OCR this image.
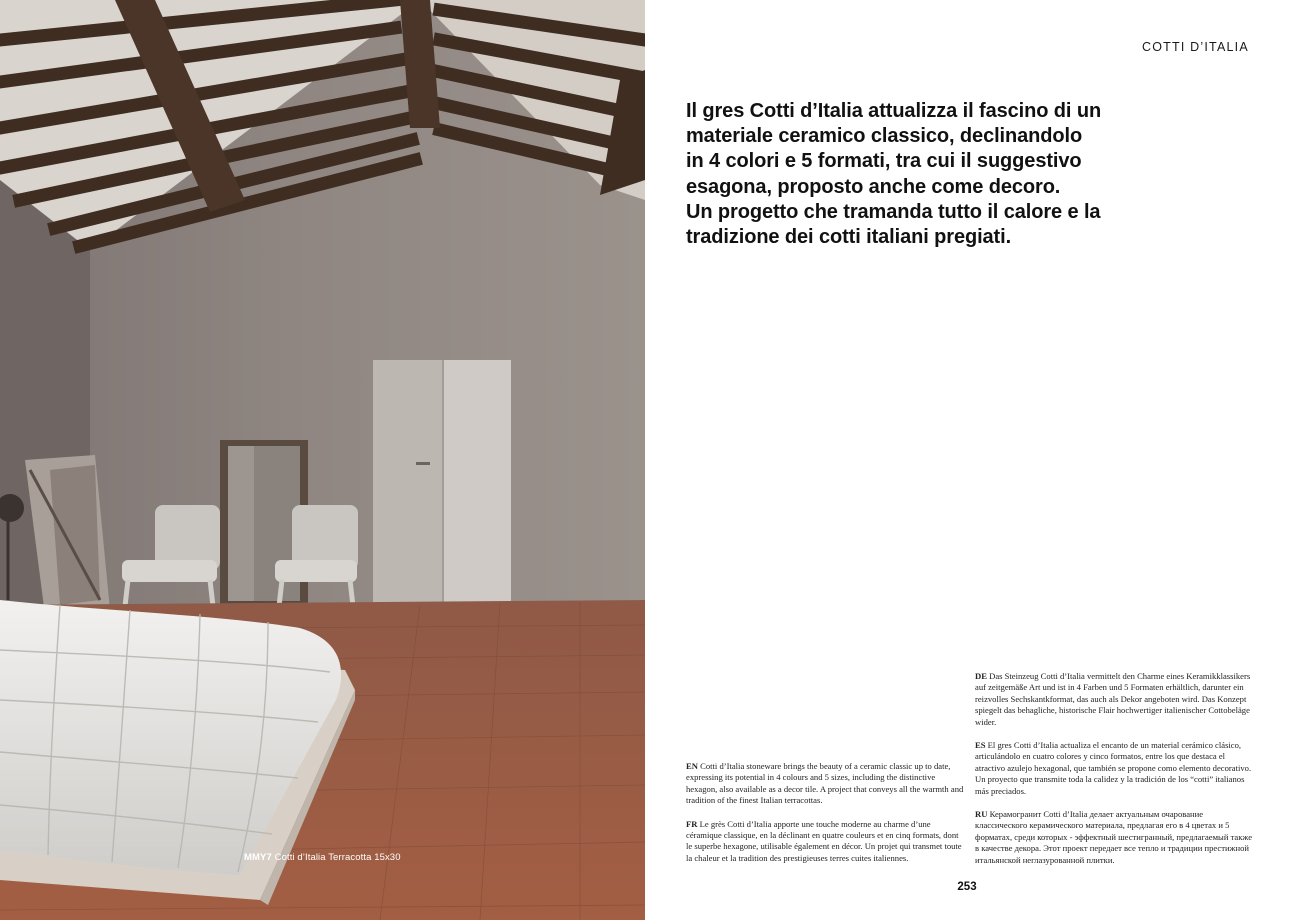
MMY7 Cotti d’Italia Terracotta 15x30
COTTI D’ITALIA
Il gres Cotti d’Italia attualizza il fascino di un
materiale ceramico classico, declinandolo
in 4 colori e 5 formati, tra cui il suggestivo
esagona, proposto anche come decoro.
Un progetto che tramanda tutto il calore e la
tradizione dei cotti italiani pregiati.

EN Cotti d’Italia stoneware brings the beauty of a ceramic classic up to date, expressing its potential in 4 colours and 5 sizes, including the distinctive hexagon, also available as a decor tile. A project that conveys all the warmth and tradition of the finest Italian terracottas.

FR Le grès Cotti d’Italia apporte une touche moderne au charme d’une céramique classique, en la déclinant en quatre couleurs et en cinq formats, dont le superbe hexagone, utilisable également en décor. Un projet qui transmet toute la chaleur et la tradition des prestigieuses terres cuites italiennes.

DE Das Steinzeug Cotti d’Italia vermittelt den Charme eines Keramikklassikers auf zeitgemäße Art und ist in 4 Farben und 5 Formaten erhältlich, darunter ein reizvolles Sechskantkformat, das auch als Dekor angeboten wird. Das Konzept spiegelt das behagliche, historische Flair hochwertiger italienischer Cottobeläge wider.

ES El gres Cotti d’Italia actualiza el encanto de un material cerámico clásico, articulándolo en cuatro colores y cinco formatos, entre los que destaca el atractivo azulejo hexagonal, que también se propone como elemento decorativo. Un proyecto que transmite toda la calidez y la tradición de los “cotti” italianos más preciados.

RU Керамогранит Cotti d’Italia делает актуальным очарование классического керамического материала, предлагая его в 4 цветах и 5 форматах, среди которых - эффектный шестигранный, предлагаемый также в качестве декора. Этот проект передает все тепло и традиции престижной итальянской неглазурованной плитки.

253
